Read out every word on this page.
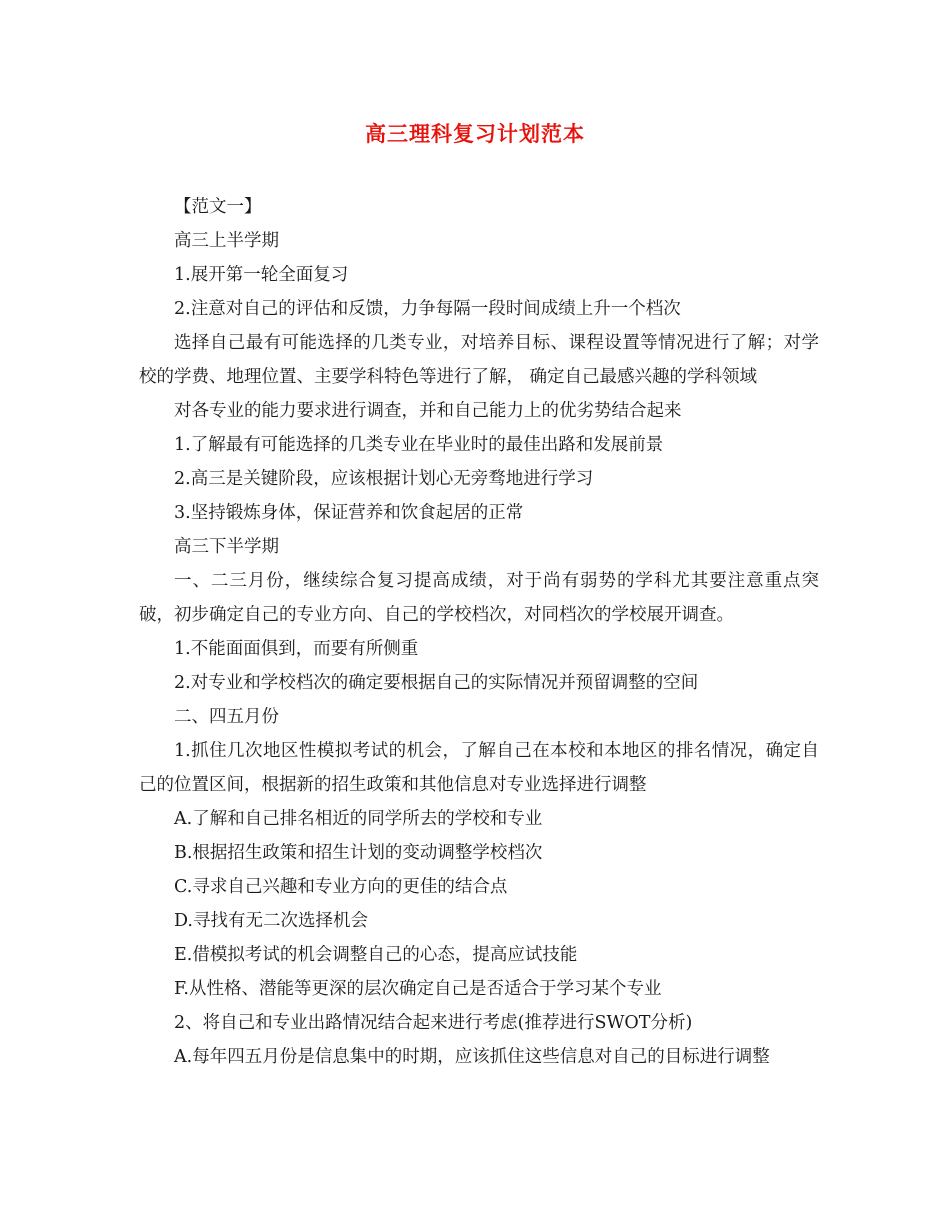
高三理科复习计划范本

【范文一】

高三上半学期

1.展开第一轮全面复习

2.注意对自己的评估和反馈，力争每隔一段时间成绩上升一个档次

选择自己最有可能选择的几类专业，对培养目标、课程设置等情况进行了解；对学校的学费、地理位置、主要学科特色等进行了解， 确定自己最感兴趣的学科领域

对各专业的能力要求进行调查，并和自己能力上的优劣势结合起来

1.了解最有可能选择的几类专业在毕业时的最佳出路和发展前景

2.高三是关键阶段，应该根据计划心无旁骛地进行学习

3.坚持锻炼身体，保证营养和饮食起居的正常

高三下半学期

一、二三月份，继续综合复习提高成绩，对于尚有弱势的学科尤其要注意重点突破，初步确定自己的专业方向、自己的学校档次，对同档次的学校展开调查。

1.不能面面俱到，而要有所侧重

2.对专业和学校档次的确定要根据自己的实际情况并预留调整的空间

二、四五月份

1.抓住几次地区性模拟考试的机会，了解自己在本校和本地区的排名情况，确定自己的位置区间，根据新的招生政策和其他信息对专业选择进行调整

A.了解和自己排名相近的同学所去的学校和专业

B.根据招生政策和招生计划的变动调整学校档次

C.寻求自己兴趣和专业方向的更佳的结合点

D.寻找有无二次选择机会

E.借模拟考试的机会调整自己的心态，提高应试技能

F.从性格、潜能等更深的层次确定自己是否适合于学习某个专业

2、将自己和专业出路情况结合起来进行考虑(推荐进行SWOT分析)

A.每年四五月份是信息集中的时期，应该抓住这些信息对自己的目标进行调整
